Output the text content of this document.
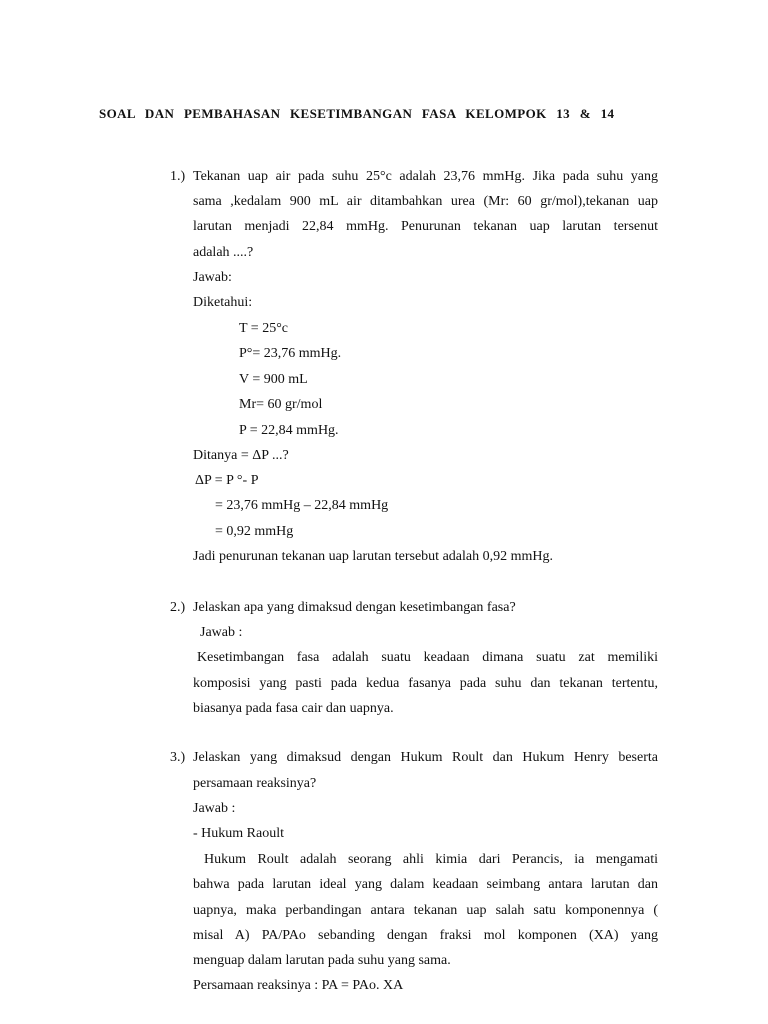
SOAL DAN PEMBAHASAN KESETIMBANGAN FASA KELOMPOK 13 & 14
1.) Tekanan uap air pada suhu 25°c adalah 23,76 mmHg. Jika pada suhu yang
sama ,kedalam 900 mL air ditambahkan urea (Mr: 60 gr/mol),tekanan uap
larutan menjadi 22,84 mmHg. Penurunan tekanan uap larutan tersenut
adalah ....?
Jawab:
Diketahui:
T = 25°c
P°= 23,76 mmHg.
V = 900 mL
Mr= 60 gr/mol
P = 22,84 mmHg.
Ditanya = ΔP ...?
ΔP = P °- P
= 23,76 mmHg – 22,84 mmHg
= 0,92 mmHg
Jadi penurunan tekanan uap larutan tersebut adalah 0,92 mmHg.
2.) Jelaskan apa yang dimaksud dengan kesetimbangan fasa?
Jawab :
Kesetimbangan fasa adalah suatu keadaan dimana suatu zat memiliki
komposisi yang pasti pada kedua fasanya pada suhu dan tekanan tertentu,
biasanya pada fasa cair dan uapnya.
3.) Jelaskan yang dimaksud dengan Hukum Roult dan Hukum Henry beserta
persamaan reaksinya?
Jawab :
- Hukum Raoult
Hukum Roult adalah seorang ahli kimia dari Perancis, ia mengamati
bahwa pada larutan ideal yang dalam keadaan seimbang antara larutan dan
uapnya, maka perbandingan antara tekanan uap salah satu komponennya (
misal A) PA/PAo sebanding dengan fraksi mol komponen (XA) yang
menguap dalam larutan pada suhu yang sama.
Persamaan reaksinya : PA = PAo. XA
